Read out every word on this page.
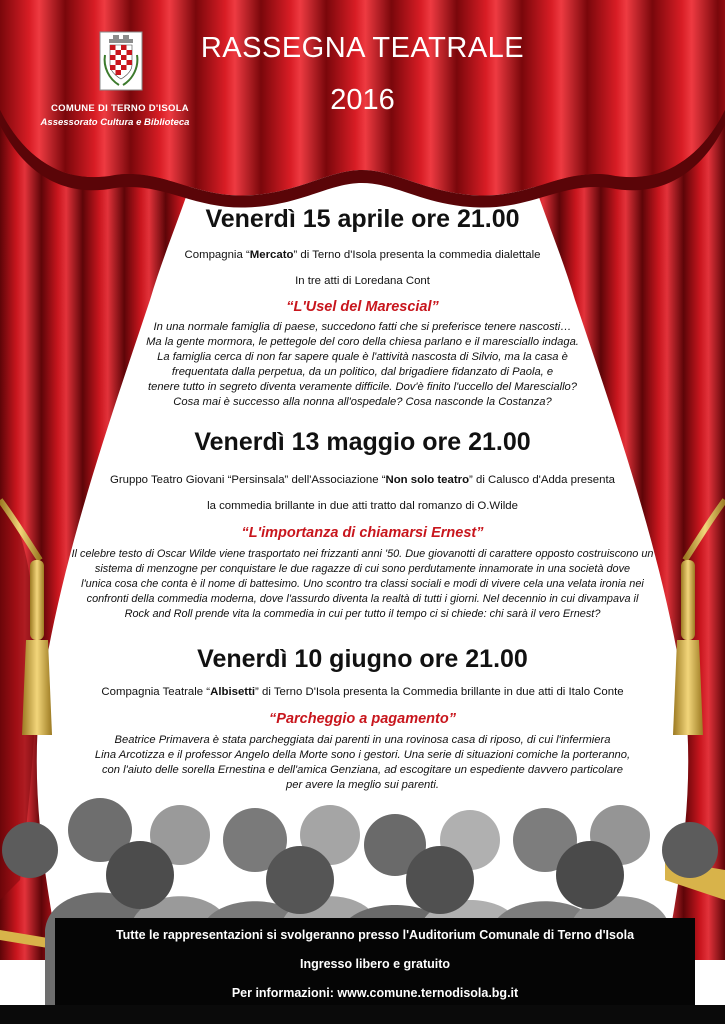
COMUNE DI TERNO D'ISOLA
Assessorato Cultura e Biblioteca
RASSEGNA TEATRALE
2016
Venerdì 15 aprile ore 21.00
Compagnia “Mercato” di Terno d'Isola presenta la commedia dialettale
In tre atti di Loredana Cont
“L'Usel del Marescial”
In una normale famiglia di paese, succedono fatti che si preferisce tenere nascosti…
Ma la gente mormora, le pettegole del coro della chiesa parlano e il maresciallo indaga.
La famiglia cerca di non far sapere quale è l'attività nascosta di Silvio, ma la casa è
frequentata dalla perpetua, da un politico, dal brigadiere fidanzato di Paola, e
tenere tutto in segreto diventa veramente difficile. Dov'è finito l'uccello del Maresciallo?
Cosa mai è successo alla nonna all'ospedale? Cosa nasconde la Costanza?
Venerdì 13 maggio ore 21.00
Gruppo Teatro Giovani “Persinsala” dell'Associazione “Non solo teatro” di Calusco d'Adda presenta
la commedia brillante in due atti tratto dal romanzo di O.Wilde
“L'importanza di chiamarsi Ernest”
Il celebre testo di Oscar Wilde viene trasportato nei frizzanti anni '50. Due giovanotti di carattere opposto costruiscono un
sistema di menzogne per conquistare le due ragazze di cui sono perdutamente innamorate in una società dove
l'unica cosa che conta è il nome di battesimo. Uno scontro tra classi sociali e modi di vivere cela una velata ironia nei
confronti della commedia moderna, dove l'assurdo diventa la realtà di tutti i giorni. Nel decennio in cui divampava il
Rock and Roll prende vita la commedia in cui per tutto il tempo ci si chiede: chi sarà il vero Ernest?
Venerdì 10 giugno ore 21.00
Compagnia Teatrale “Albisetti” di Terno D'Isola presenta la Commedia brillante in due atti di Italo Conte
“Parcheggio a pagamento”
Beatrice Primavera è stata parcheggiata dai parenti in una rovinosa casa di riposo, di cui l'infermiera
Lina Arcotizza e il professor Angelo della Morte sono i gestori. Una serie di situazioni comiche la porteranno,
con l'aiuto delle sorella Ernestina e dell'amica Genziana, ad escogitare un espediente davvero particolare
per avere la meglio sui parenti.
Tutte le rappresentazioni si svolgeranno presso l'Auditorium Comunale di Terno d'Isola
Ingresso libero e gratuito
Per informazioni: www.comune.ternodisola.bg.it
